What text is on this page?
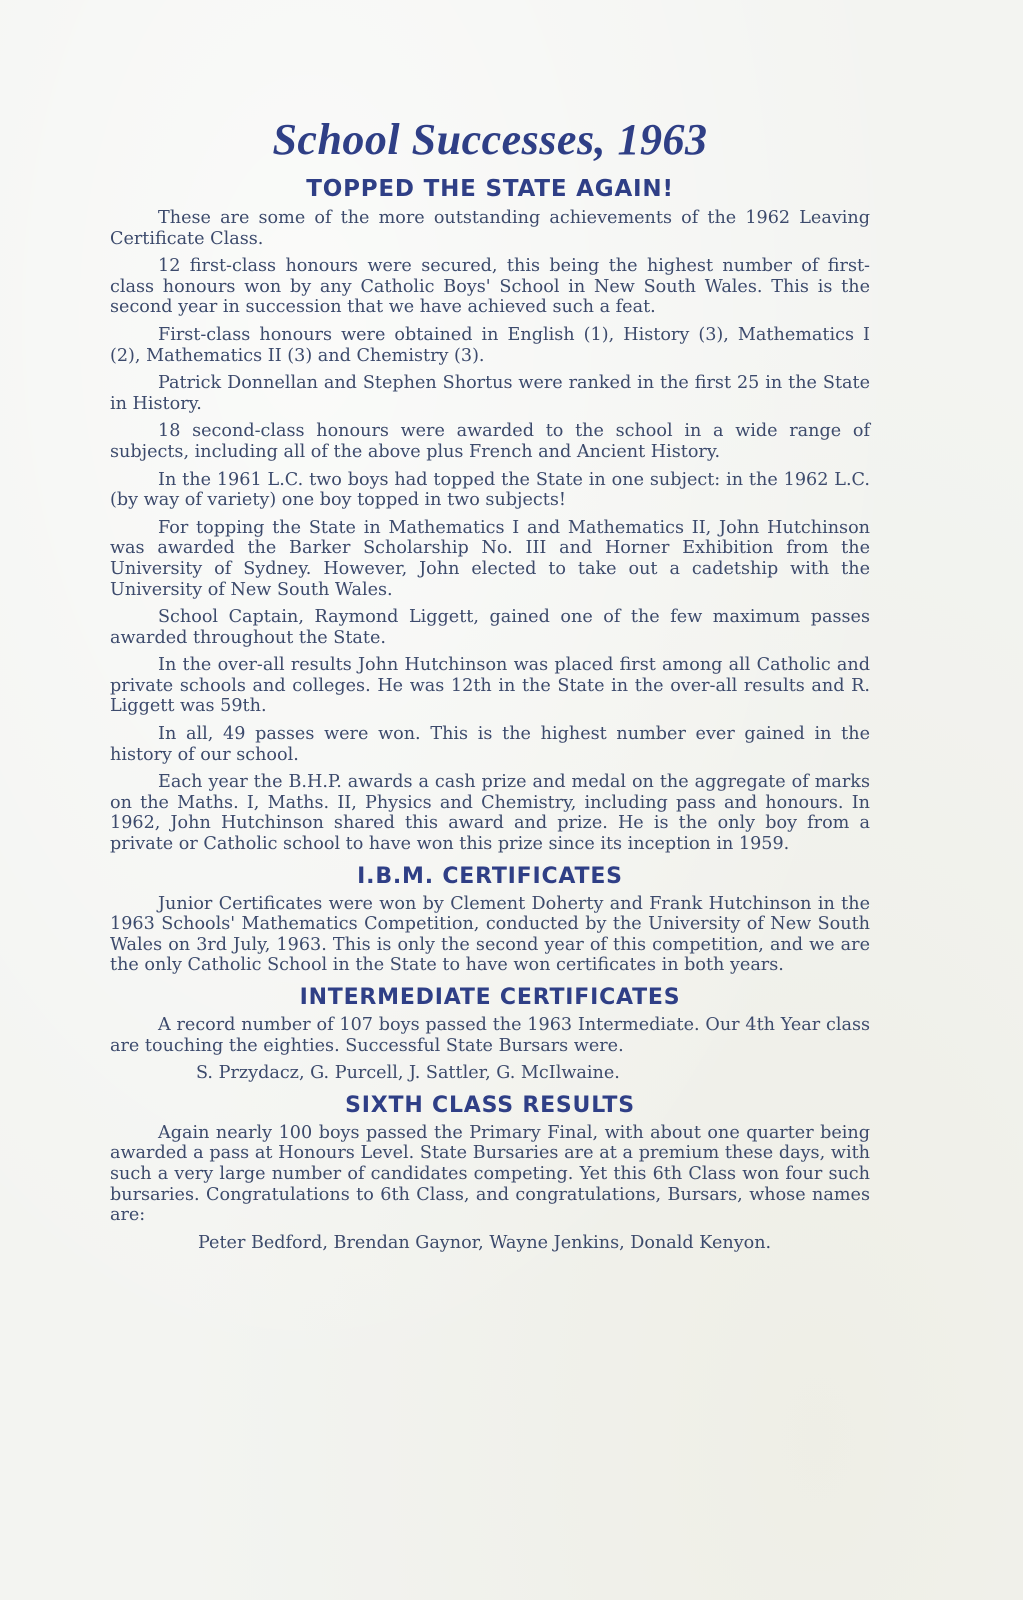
School Successes, 1963
TOPPED THE STATE AGAIN!

These are some of the more outstanding achievements of the 1962 Leaving Certificate Class.

12 first-class honours were secured, this being the highest number of first-class honours won by any Catholic Boys' School in New South Wales. This is the second year in succession that we have achieved such a feat.

First-class honours were obtained in English (1), History (3), Mathematics I (2), Mathematics II (3) and Chemistry (3).

Patrick Donnellan and Stephen Shortus were ranked in the first 25 in the State in History.

18 second-class honours were awarded to the school in a wide range of subjects, including all of the above plus French and Ancient History.

In the 1961 L.C. two boys had topped the State in one subject: in the 1962 L.C. (by way of variety) one boy topped in two subjects!

For topping the State in Mathematics I and Mathematics II, John Hutchinson was awarded the Barker Scholarship No. III and Horner Exhibition from the University of Sydney. However, John elected to take out a cadetship with the University of New South Wales.

School Captain, Raymond Liggett, gained one of the few maximum passes awarded throughout the State.

In the over-all results John Hutchinson was placed first among all Catholic and private schools and colleges. He was 12th in the State in the over-all results and R. Liggett was 59th.

In all, 49 passes were won. This is the highest number ever gained in the history of our school.

Each year the B.H.P. awards a cash prize and medal on the aggregate of marks on the Maths. I, Maths. II, Physics and Chemistry, including pass and honours. In 1962, John Hutchinson shared this award and prize. He is the only boy from a private or Catholic school to have won this prize since its inception in 1959.

I.B.M. CERTIFICATES

Junior Certificates were won by Clement Doherty and Frank Hutchinson in the 1963 Schools' Mathematics Competition, conducted by the University of New South Wales on 3rd July, 1963. This is only the second year of this competition, and we are the only Catholic School in the State to have won certificates in both years.

INTERMEDIATE CERTIFICATES

A record number of 107 boys passed the 1963 Intermediate. Our 4th Year class are touching the eighties. Successful State Bursars were.

S. Przydacz, G. Purcell, J. Sattler, G. McIlwaine.

SIXTH CLASS RESULTS

Again nearly 100 boys passed the Primary Final, with about one quarter being awarded a pass at Honours Level. State Bursaries are at a premium these days, with such a very large number of candidates competing. Yet this 6th Class won four such bursaries. Congratulations to 6th Class, and congratulations, Bursars, whose names are:

Peter Bedford, Brendan Gaynor, Wayne Jenkins, Donald Kenyon.
